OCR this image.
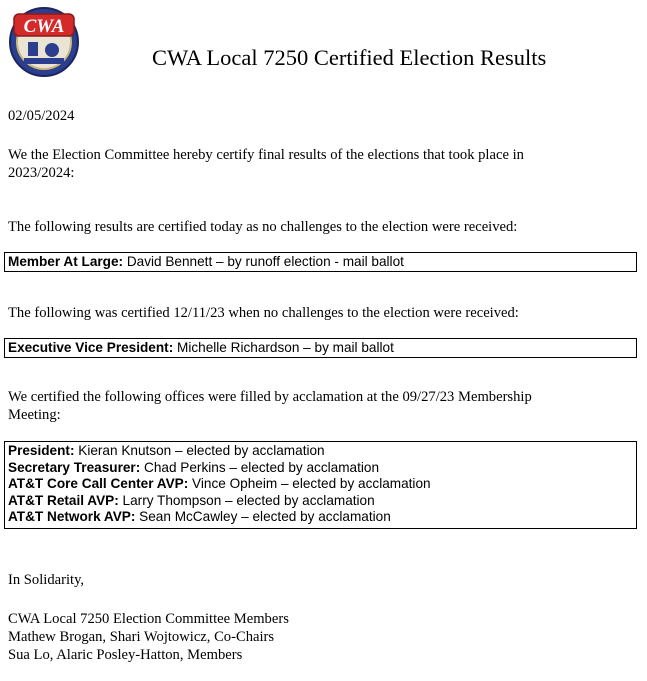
CWA
CWA Local 7250 Certified Election Results
02/05/2024
We the Election Committee hereby certify final results of the elections that took place in
2023/2024:
The following results are certified today as no challenges to the election were received:
Member At Large: David Bennett – by runoff election - mail ballot
The following was certified 12/11/23 when no challenges to the election were received:
Executive Vice President: Michelle Richardson – by mail ballot
We certified the following offices were filled by acclamation at the 09/27/23 Membership
Meeting:
President: Kieran Knutson – elected by acclamation
Secretary Treasurer: Chad Perkins – elected by acclamation
AT&T Core Call Center AVP: Vince Opheim – elected by acclamation
AT&T Retail AVP: Larry Thompson – elected by acclamation
AT&T Network AVP: Sean McCawley – elected by acclamation
In Solidarity,
CWA Local 7250 Election Committee Members
Mathew Brogan, Shari Wojtowicz, Co-Chairs
Sua Lo, Alaric Posley-Hatton, Members
